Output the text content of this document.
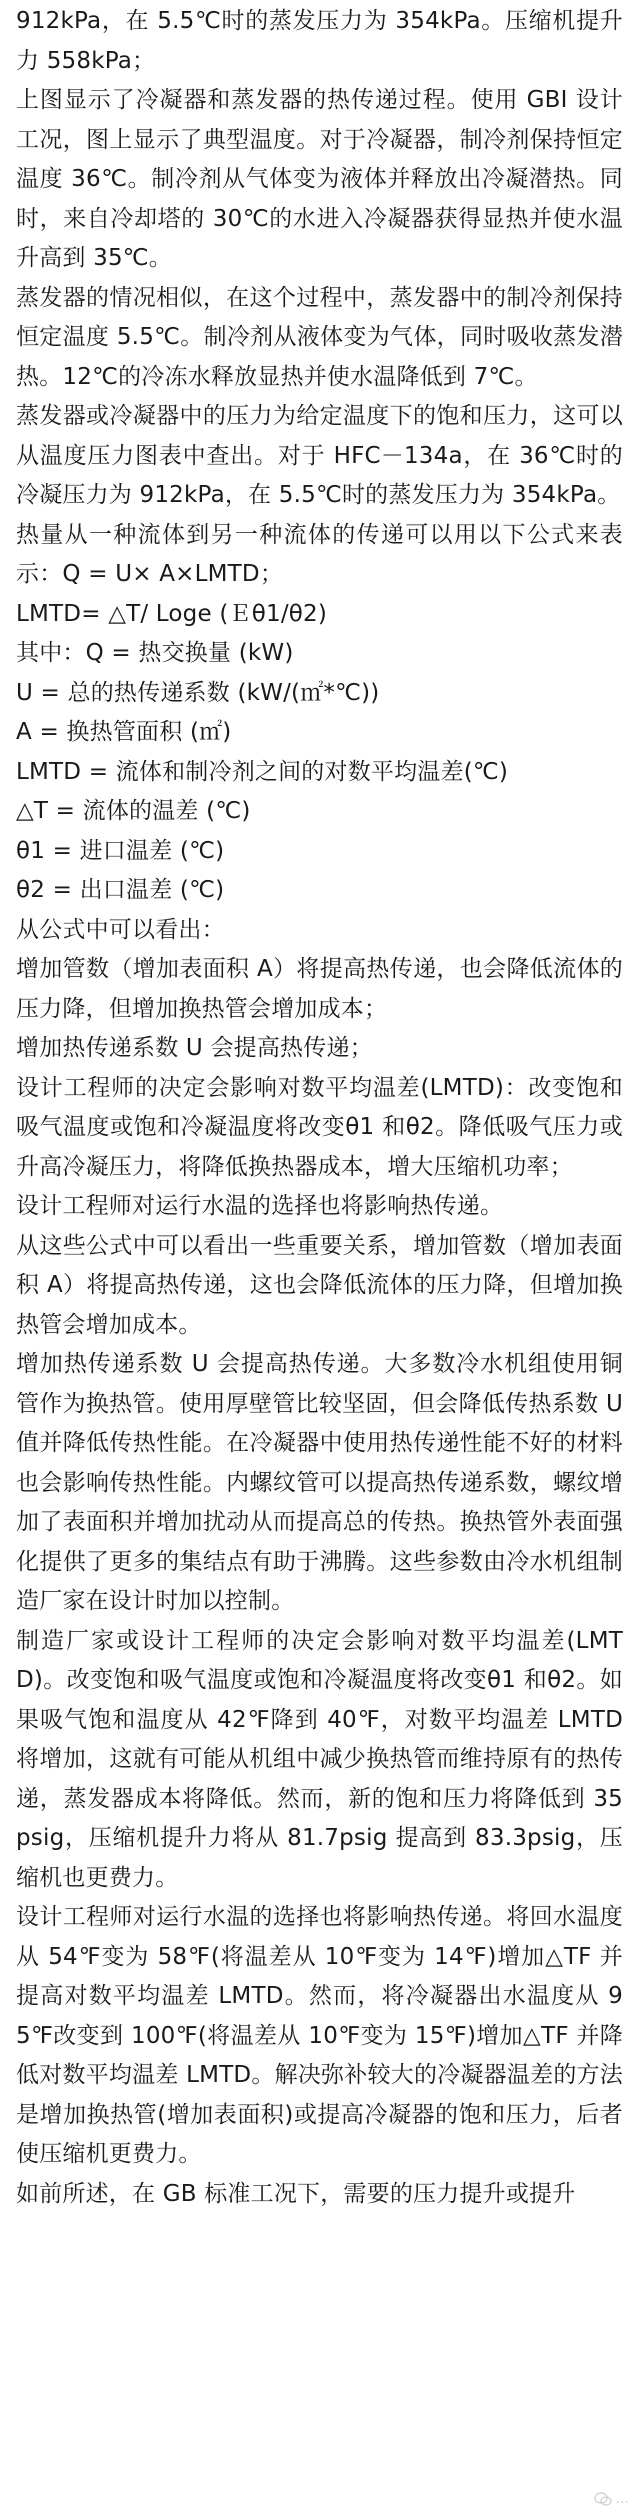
912kPa，在 5.5℃时的蒸发压力为 354kPa。压缩机提升力 558kPa；

上图显示了冷凝器和蒸发器的热传递过程。使用 GBI 设计工况，图上显示了典型温度。对于冷凝器，制冷剂保持恒定温度 36℃。制冷剂从气体变为液体并释放出冷凝潜热。同时，来自冷却塔的 30℃的水进入冷凝器获得显热并使水温升高到 35℃。

蒸发器的情况相似，在这个过程中，蒸发器中的制冷剂保持恒定温度 5.5℃。制冷剂从液体变为气体，同时吸收蒸发潜热。12℃的冷冻水释放显热并使水温降低到 7℃。

蒸发器或冷凝器中的压力为给定温度下的饱和压力，这可以从温度压力图表中查出。对于 HFC－134a，在 36℃时的冷凝压力为 912kPa，在 5.5℃时的蒸发压力为 354kPa。

热量从一种流体到另一种流体的传递可以用以下公式来表示：Q = U× A×LMTD；

LMTD= △T/ Loge (Ｅθ1/θ2)

其中：Q = 热交换量 (kW)

U = 总的热传递系数 (kW/(㎡*℃))

A = 换热管面积 (㎡)

LMTD = 流体和制冷剂之间的对数平均温差(℃)

△T = 流体的温差 (℃)

θ1 = 进口温差 (℃)

θ2 = 出口温差 (℃)

从公式中可以看出：

增加管数（增加表面积 A）将提高热传递，也会降低流体的压力降，但增加换热管会增加成本；

增加热传递系数 U 会提高热传递；

设计工程师的决定会影响对数平均温差(LMTD)：改变饱和吸气温度或饱和冷凝温度将改变θ1 和θ2。降低吸气压力或升高冷凝压力，将降低换热器成本，增大压缩机功率；

设计工程师对运行水温的选择也将影响热传递。

从这些公式中可以看出一些重要关系，增加管数（增加表面积 A）将提高热传递，这也会降低流体的压力降，但增加换热管会增加成本。

增加热传递系数 U 会提高热传递。大多数冷水机组使用铜管作为换热管。使用厚壁管比较坚固，但会降低传热系数 U 值并降低传热性能。在冷凝器中使用热传递性能不好的材料也会影响传热性能。内螺纹管可以提高热传递系数，螺纹增加了表面积并增加扰动从而提高总的传热。换热管外表面强化提供了更多的集结点有助于沸腾。这些参数由冷水机组制造厂家在设计时加以控制。

制造厂家或设计工程师的决定会影响对数平均温差(LMTD)。改变饱和吸气温度或饱和冷凝温度将改变θ1 和θ2。如果吸气饱和温度从 42℉降到 40℉，对数平均温差 LMTD 将增加，这就有可能从机组中减少换热管而维持原有的热传递，蒸发器成本将降低。然而，新的饱和压力将降低到 35psig，压缩机提升力将从 81.7psig 提高到 83.3psig，压缩机也更费力。

设计工程师对运行水温的选择也将影响热传递。将回水温度从 54℉变为 58℉(将温差从 10℉变为 14℉)增加△TF 并提高对数平均温差 LMTD。然而，将冷凝器出水温度从 95℉改变到 100℉(将温差从 10℉变为 15℉)增加△TF 并降低对数平均温差 LMTD。解决弥补较大的冷凝器温差的方法是增加换热管(增加表面积)或提高冷凝器的饱和压力，后者使压缩机更费力。

如前所述，在 GB 标准工况下，需要的压力提升或提升

...
